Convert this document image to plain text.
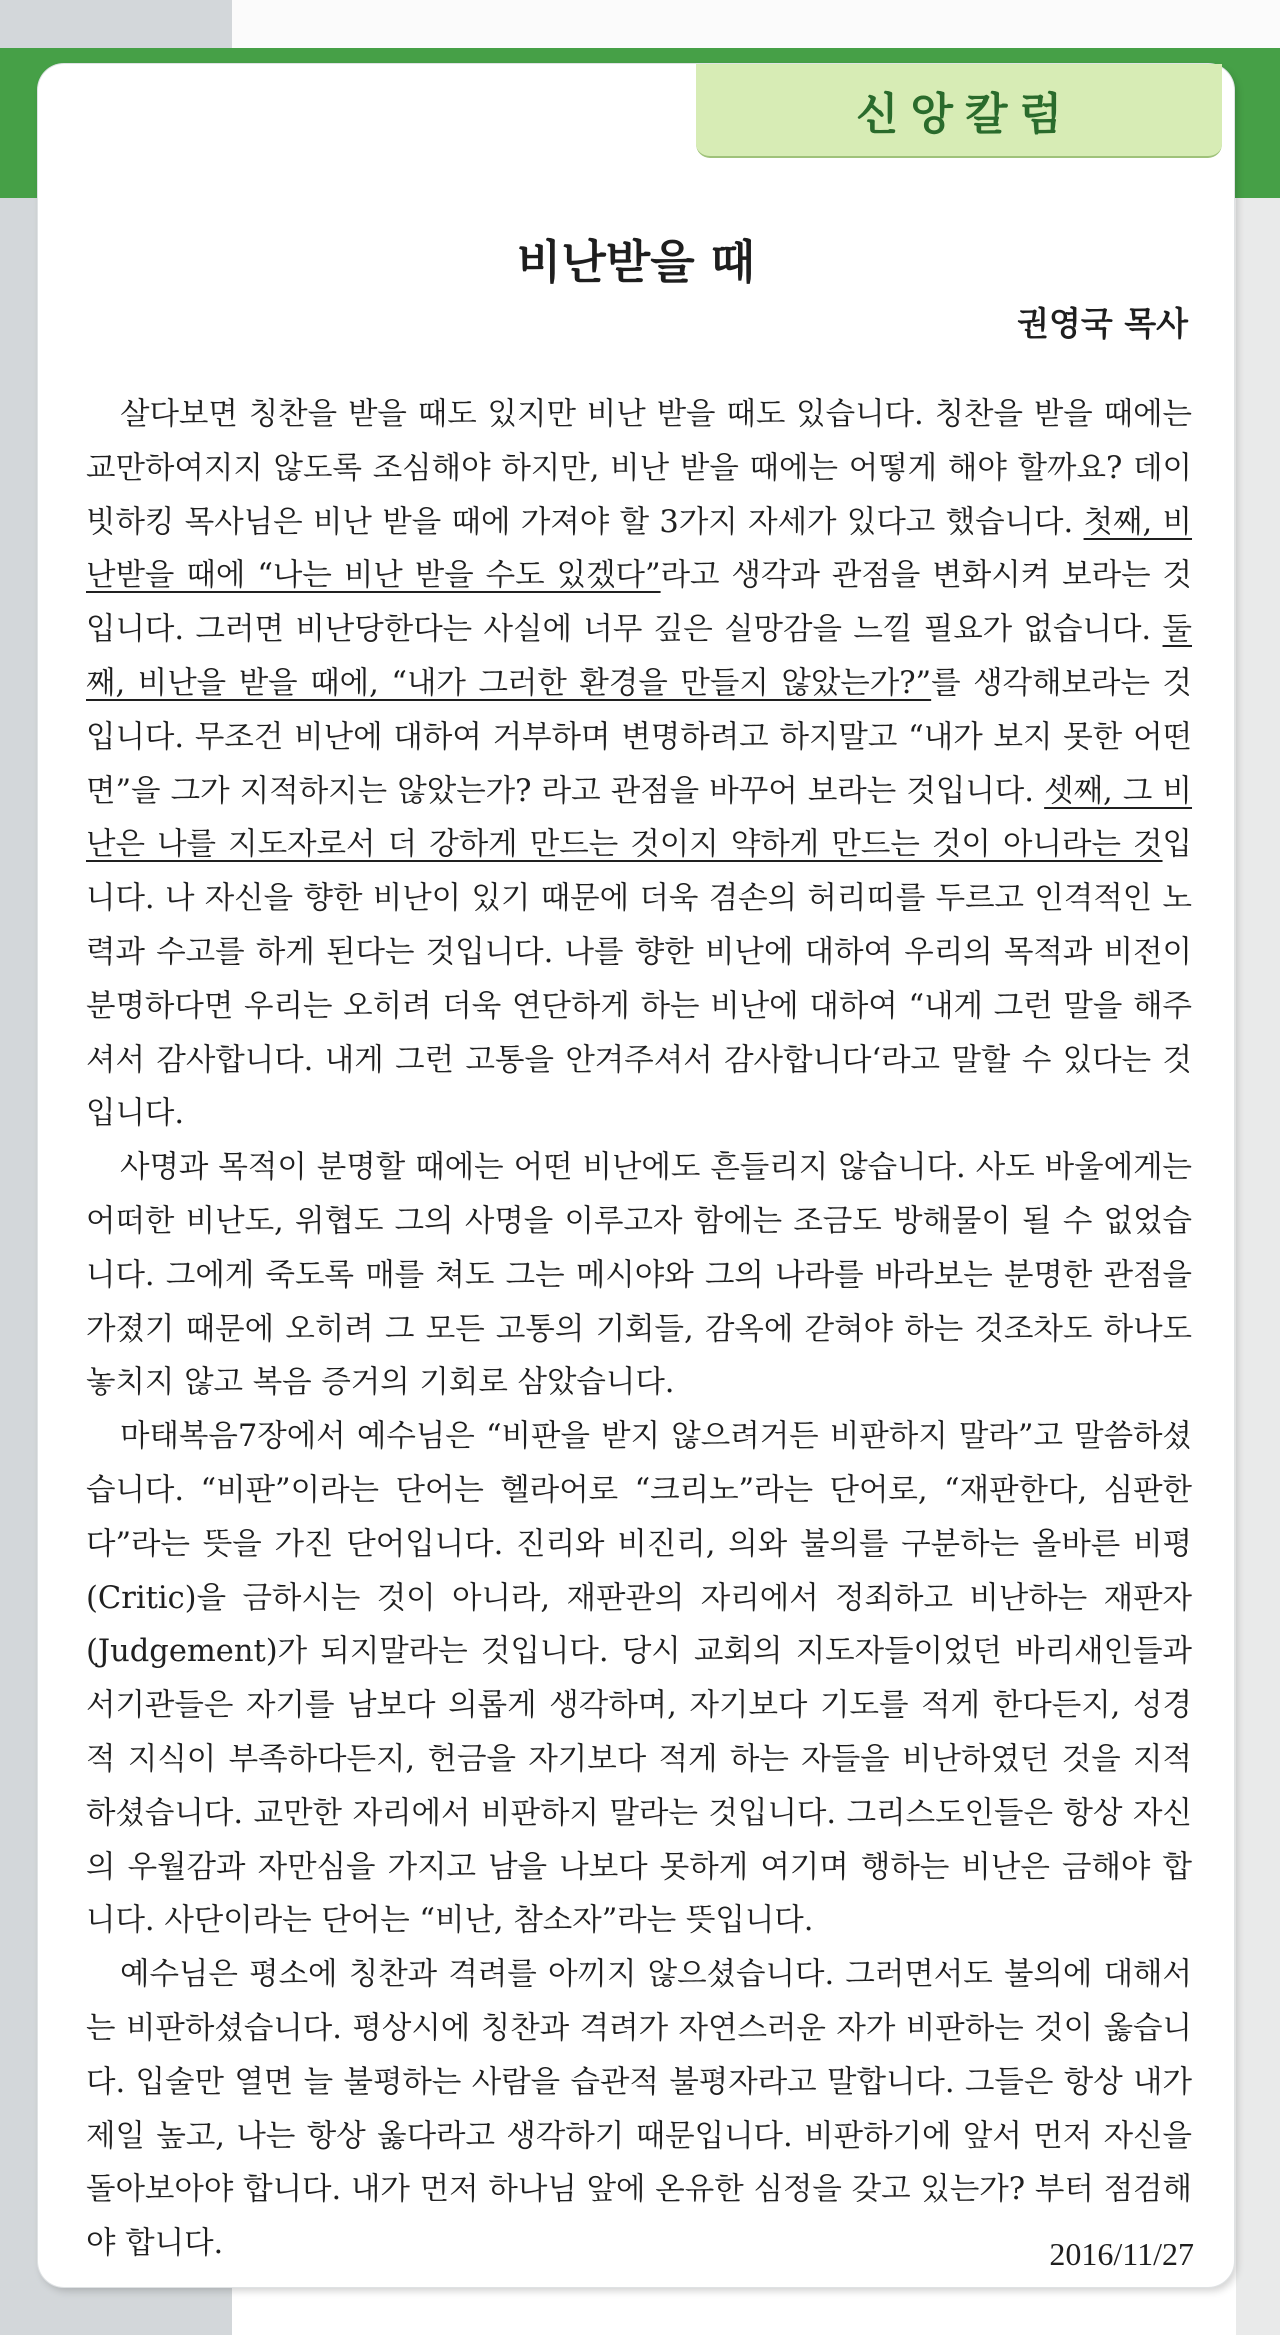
신앙칼럼
비난받을 때
권영국 목사

살다보면 칭찬을 받을 때도 있지만 비난 받을 때도 있습니다. 칭찬을 받을 때에는 교만하여지지 않도록 조심해야 하지만, 비난 받을 때에는 어떻게 해야 할까요? 데이빗하킹 목사님은 비난 받을 때에 가져야 할 3가지 자세가 있다고 했습니다. 첫째, 비난받을 때에 “나는 비난 받을 수도 있겠다”라고 생각과 관점을 변화시켜 보라는 것입니다. 그러면 비난당한다는 사실에 너무 깊은 실망감을 느낄 필요가 없습니다. 둘째, 비난을 받을 때에, “내가 그러한 환경을 만들지 않았는가?”를 생각해보라는 것입니다. 무조건 비난에 대하여 거부하며 변명하려고 하지말고 “내가 보지 못한 어떤 면”을 그가 지적하지는 않았는가? 라고 관점을 바꾸어 보라는 것입니다. 셋째, 그 비난은 나를 지도자로서 더 강하게 만드는 것이지 약하게 만드는 것이 아니라는 것입니다. 나 자신을 향한 비난이 있기 때문에 더욱 겸손의 허리띠를 두르고 인격적인 노력과 수고를 하게 된다는 것입니다. 나를 향한 비난에 대하여 우리의 목적과 비전이 분명하다면 우리는 오히려 더욱 연단하게 하는 비난에 대하여 “내게 그런 말을 해주셔서 감사합니다. 내게 그런 고통을 안겨주셔서 감사합니다‘라고 말할 수 있다는 것입니다.

사명과 목적이 분명할 때에는 어떤 비난에도 흔들리지 않습니다. 사도 바울에게는 어떠한 비난도, 위협도 그의 사명을 이루고자 함에는 조금도 방해물이 될 수 없었습니다. 그에게 죽도록 매를 쳐도 그는 메시야와 그의 나라를 바라보는 분명한 관점을 가졌기 때문에 오히려 그 모든 고통의 기회들, 감옥에 갇혀야 하는 것조차도 하나도 놓치지 않고 복음 증거의 기회로 삼았습니다.

마태복음7장에서 예수님은 “비판을 받지 않으려거든 비판하지 말라”고 말씀하셨습니다. “비판”이라는 단어는 헬라어로 “크리노”라는 단어로, “재판한다, 심판한다”라는 뜻을 가진 단어입니다. 진리와 비진리, 의와 불의를 구분하는 올바른 비평(Critic)을 금하시는 것이 아니라, 재판관의 자리에서 정죄하고 비난하는 재판자(Judgement)가 되지말라는 것입니다. 당시 교회의 지도자들이었던 바리새인들과 서기관들은 자기를 남보다 의롭게 생각하며, 자기보다 기도를 적게 한다든지, 성경적 지식이 부족하다든지, 헌금을 자기보다 적게 하는 자들을 비난하였던 것을 지적하셨습니다. 교만한 자리에서 비판하지 말라는 것입니다. 그리스도인들은 항상 자신의 우월감과 자만심을 가지고 남을 나보다 못하게 여기며 행하는 비난은 금해야 합니다. 사단이라는 단어는 “비난, 참소자”라는 뜻입니다.

예수님은 평소에 칭찬과 격려를 아끼지 않으셨습니다. 그러면서도 불의에 대해서는 비판하셨습니다. 평상시에 칭찬과 격려가 자연스러운 자가 비판하는 것이 옳습니다. 입술만 열면 늘 불평하는 사람을 습관적 불평자라고 말합니다. 그들은 항상 내가 제일 높고, 나는 항상 옳다라고 생각하기 때문입니다. 비판하기에 앞서 먼저 자신을 돌아보아야 합니다. 내가 먼저 하나님 앞에 온유한 심정을 갖고 있는가? 부터 점검해야 합니다.	2016/11/27
